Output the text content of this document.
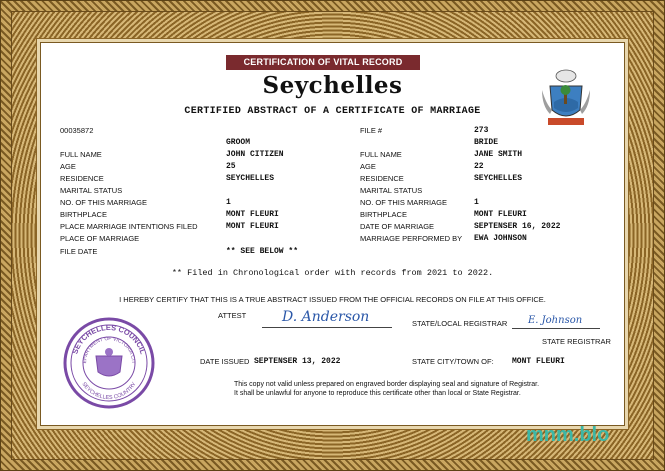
CERTIFICATION OF VITAL RECORD
Seychelles
CERTIFIED ABSTRACT OF A CERTIFICATE OF MARRIAGE
00035872	FILE #	273
GROOM
FULL NAME	JOHN CITIZEN
AGE	25
RESIDENCE	SEYCHELLES
MARITAL STATUS
NO. OF THIS MARRIAGE	1
BIRTHPLACE	MONT FLEURI
PLACE MARRIAGE INTENTIONS FILED	MONT FLEURI
PLACE OF MARRIAGE
FILE DATE	** SEE BELOW **
BRIDE
FULL NAME	JANE SMITH
AGE	22
RESIDENCE	SEYCHELLES
MARITAL STATUS
NO. OF THIS MARRIAGE	1
BIRTHPLACE	MONT FLEURI
DATE OF MARRIAGE	SEPTENSER 16, 2022
MARRIAGE PERFORMED BY EWA JOHNSON
** Filed in Chronological order with records from 2021 to 2022.
I HEREBY CERTIFY THAT THIS IS A TRUE ABSTRACT ISSUED FROM THE OFFICIAL RECORDS ON FILE AT THIS OFFICE.
ATTEST	D. Anderson	STATE/LOCAL REGISTRAR E. Johnson
STATE REGISTRAR
DATE ISSUED SEPTENSER 13, 2022	STATE CITY/TOWN OF: MONT FLEURI
This copy not valid unless prepared on engraved border displaying seal and signature of Registrar.
It shall be unlawful for anyone to reproduce this certificate other than local or State Registrar.
SEYCHELLES COUNCIL
EPARTMENT OF VICTORIA CIT
SEYCHELLES COUNTRY
mnm.blo
